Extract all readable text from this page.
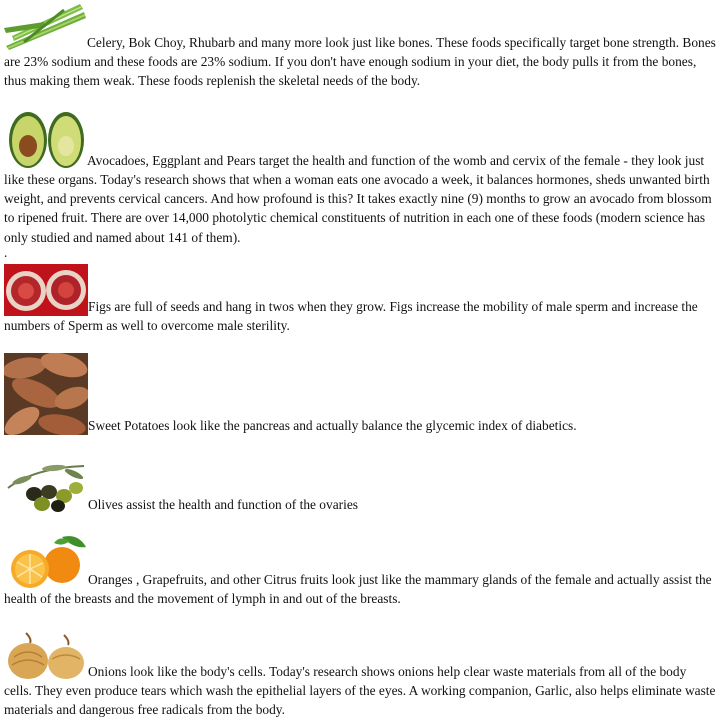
Celery, Bok Choy, Rhubarb and many more look just like bones. These foods specifically target bone strength. Bones are 23% sodium and these foods are 23% sodium. If you don't have enough sodium in your diet, the body pulls it from the bones, thus making them weak. These foods replenish the skeletal needs of the body.
Avocadoes, Eggplant and Pears target the health and function of the womb and cervix of the female - they look just like these organs. Today's research shows that when a woman eats one avocado a week, it balances hormones, sheds unwanted birth weight, and prevents cervical cancers. And how profound is this? It takes exactly nine (9) months to grow an avocado from blossom to ripened fruit. There are over 14,000 photolytic chemical constituents of nutrition in each one of these foods (modern science has only studied and named about 141 of them).
.
Figs are full of seeds and hang in twos when they grow. Figs increase the mobility of male sperm and increase the numbers of Sperm as well to overcome male sterility.
Sweet Potatoes look like the pancreas and actually balance the glycemic index of diabetics.
Olives assist the health and function of the ovaries
Oranges , Grapefruits, and other Citrus fruits look just like the mammary glands of the female and actually assist the health of the breasts and the movement of lymph in and out of the breasts.
Onions look like the body's cells. Today's research shows onions help clear waste materials from all of the body cells. They even produce tears which wash the epithelial layers of the eyes. A working companion, Garlic, also helps eliminate waste materials and dangerous free radicals from the body.
